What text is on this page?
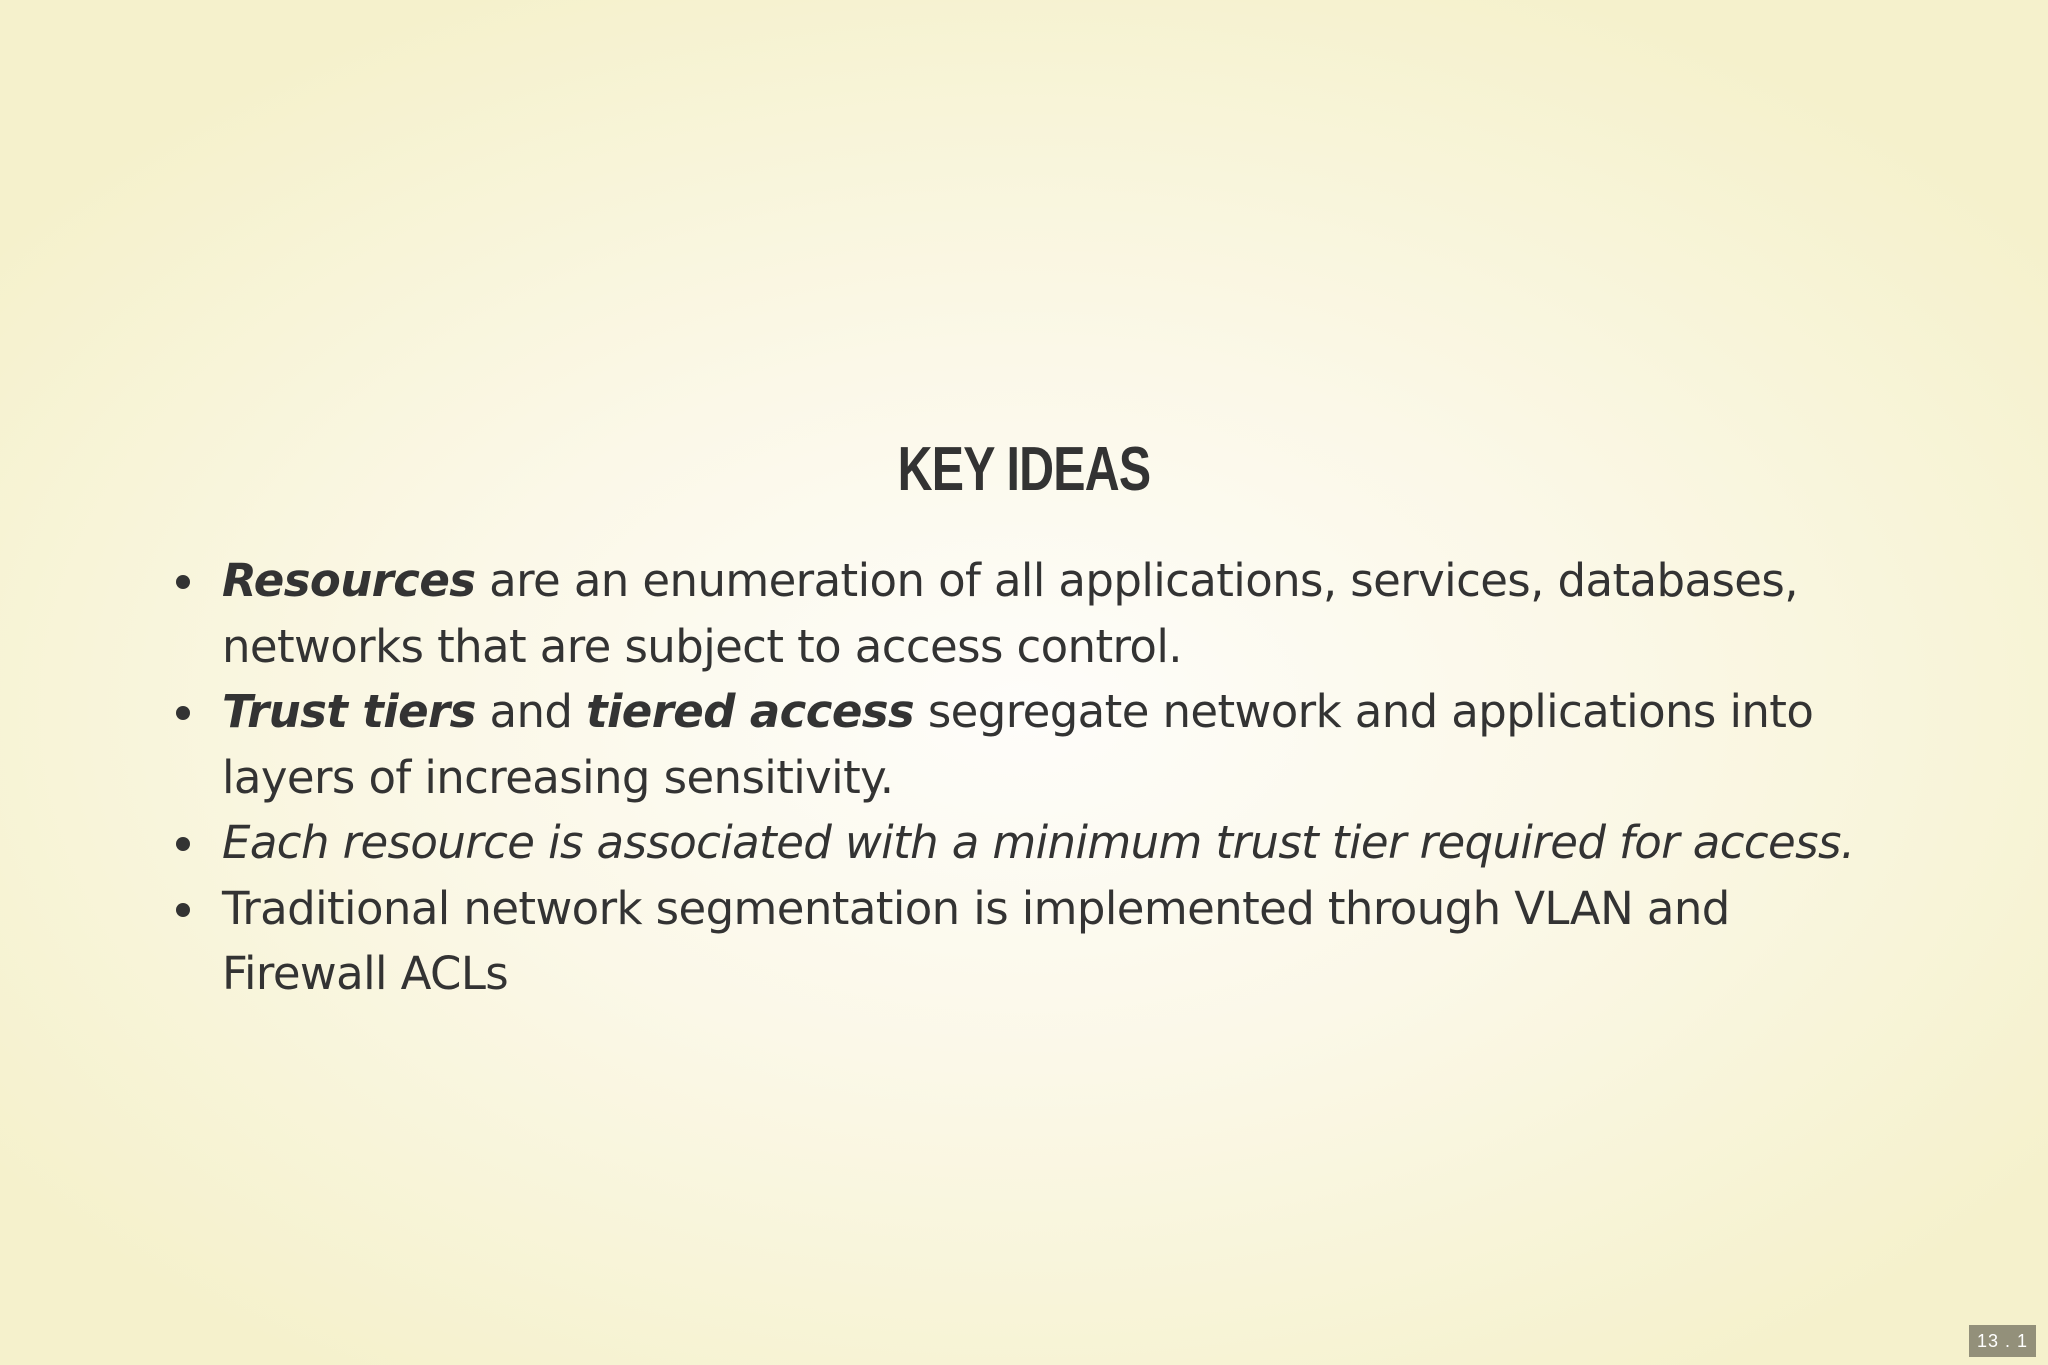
KEY IDEAS
Resources are an enumeration of all applications, services, databases, networks that are subject to access control.
Trust tiers and tiered access segregate network and applications into layers of increasing sensitivity.
Each resource is associated with a minimum trust tier required for access.
Traditional network segmentation is implemented through VLAN and Firewall ACLs
13 . 1
